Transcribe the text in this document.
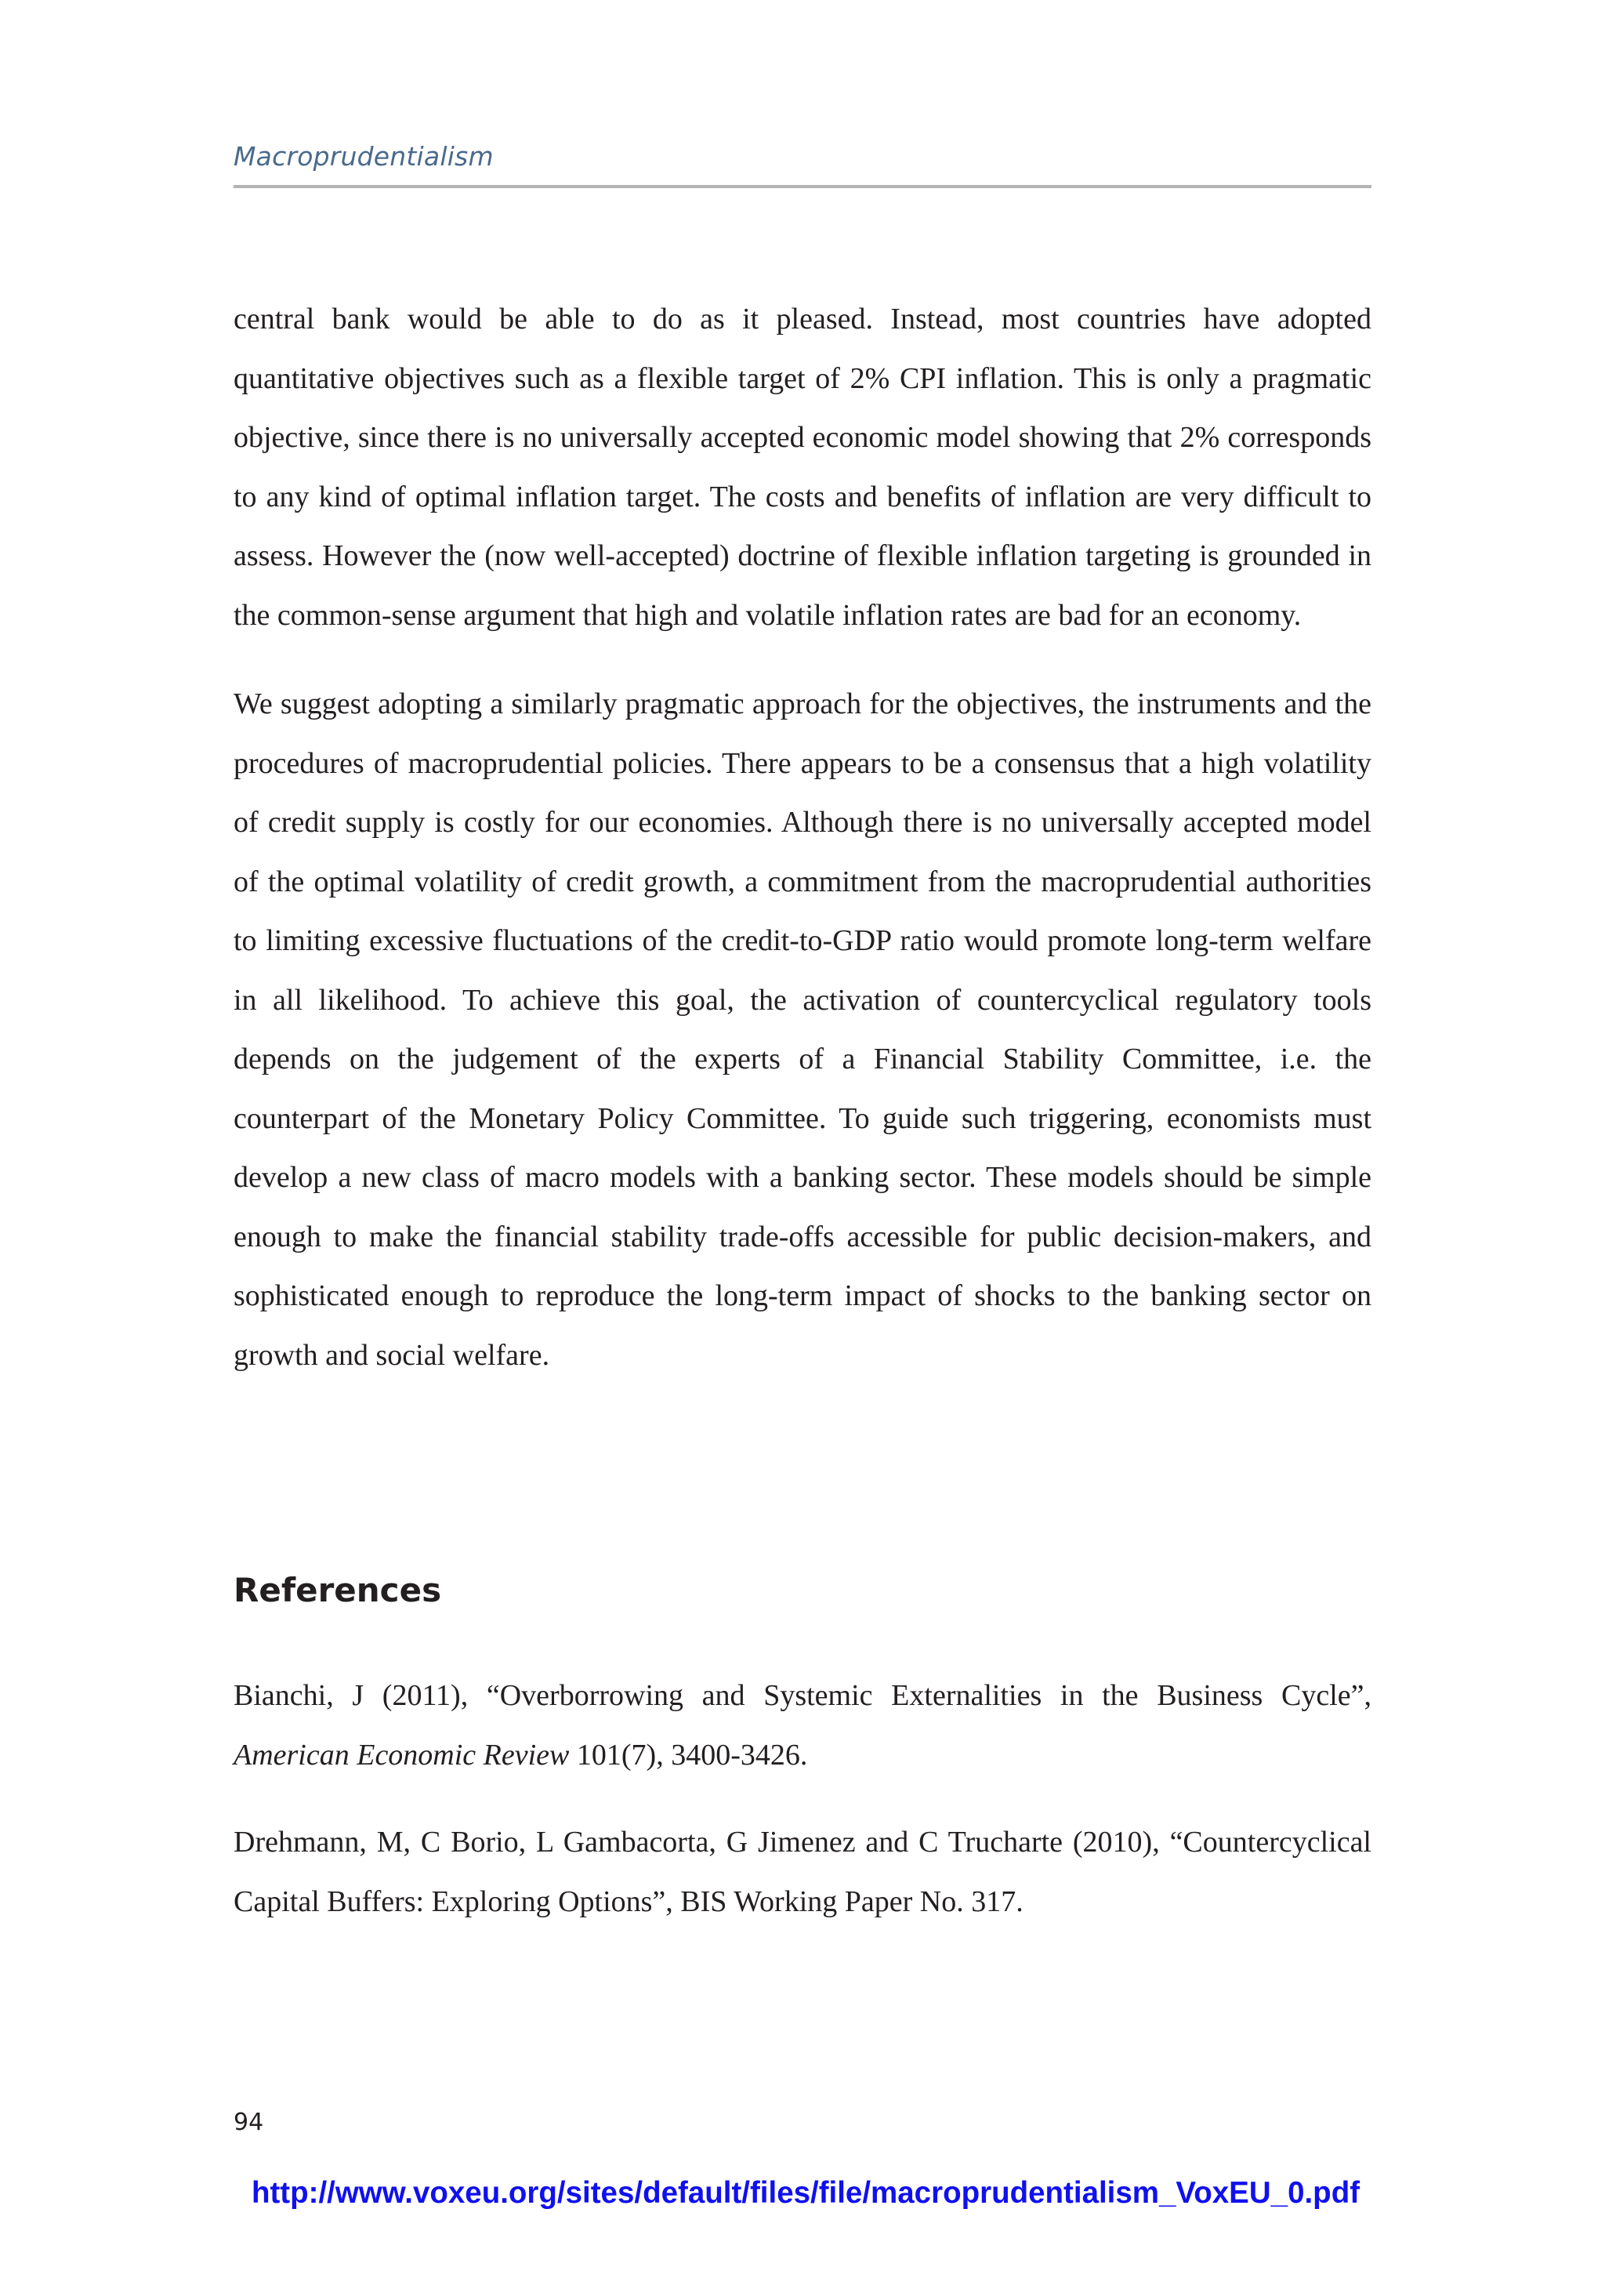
Macroprudentialism

central bank would be able to do as it pleased. Instead, most countries have adopted quantitative objectives such as a flexible target of 2% CPI inflation. This is only a pragmatic objective, since there is no universally accepted economic model showing that 2% corresponds to any kind of optimal inflation target. The costs and benefits of inflation are very difficult to assess. However the (now well-accepted) doctrine of flexible inflation targeting is grounded in the common-sense argument that high and volatile inflation rates are bad for an economy.

We suggest adopting a similarly pragmatic approach for the objectives, the instruments and the procedures of macroprudential policies. There appears to be a consensus that a high volatility of credit supply is costly for our economies. Although there is no universally accepted model of the optimal volatility of credit growth, a commitment from the macroprudential authorities to limiting excessive fluctuations of the credit-to-GDP ratio would promote long-term welfare in all likelihood. To achieve this goal, the activation of countercyclical regulatory tools depends on the judgement of the experts of a Financial Stability Committee, i.e. the counterpart of the Monetary Policy Committee. To guide such triggering, economists must develop a new class of macro models with a banking sector. These models should be simple enough to make the financial stability trade-offs accessible for public decision-makers, and sophisticated enough to reproduce the long-term impact of shocks to the banking sector on growth and social welfare.

References

Bianchi, J (2011), “Overborrowing and Systemic Externalities in the Business Cycle”, American Economic Review 101(7), 3400-3426.

Drehmann, M, C Borio, L Gambacorta, G Jimenez and C Trucharte (2010), “Countercyclical Capital Buffers: Exploring Options”, BIS Working Paper No. 317.

94
http://www.voxeu.org/sites/default/files/file/macroprudentialism_VoxEU_0.pdf
